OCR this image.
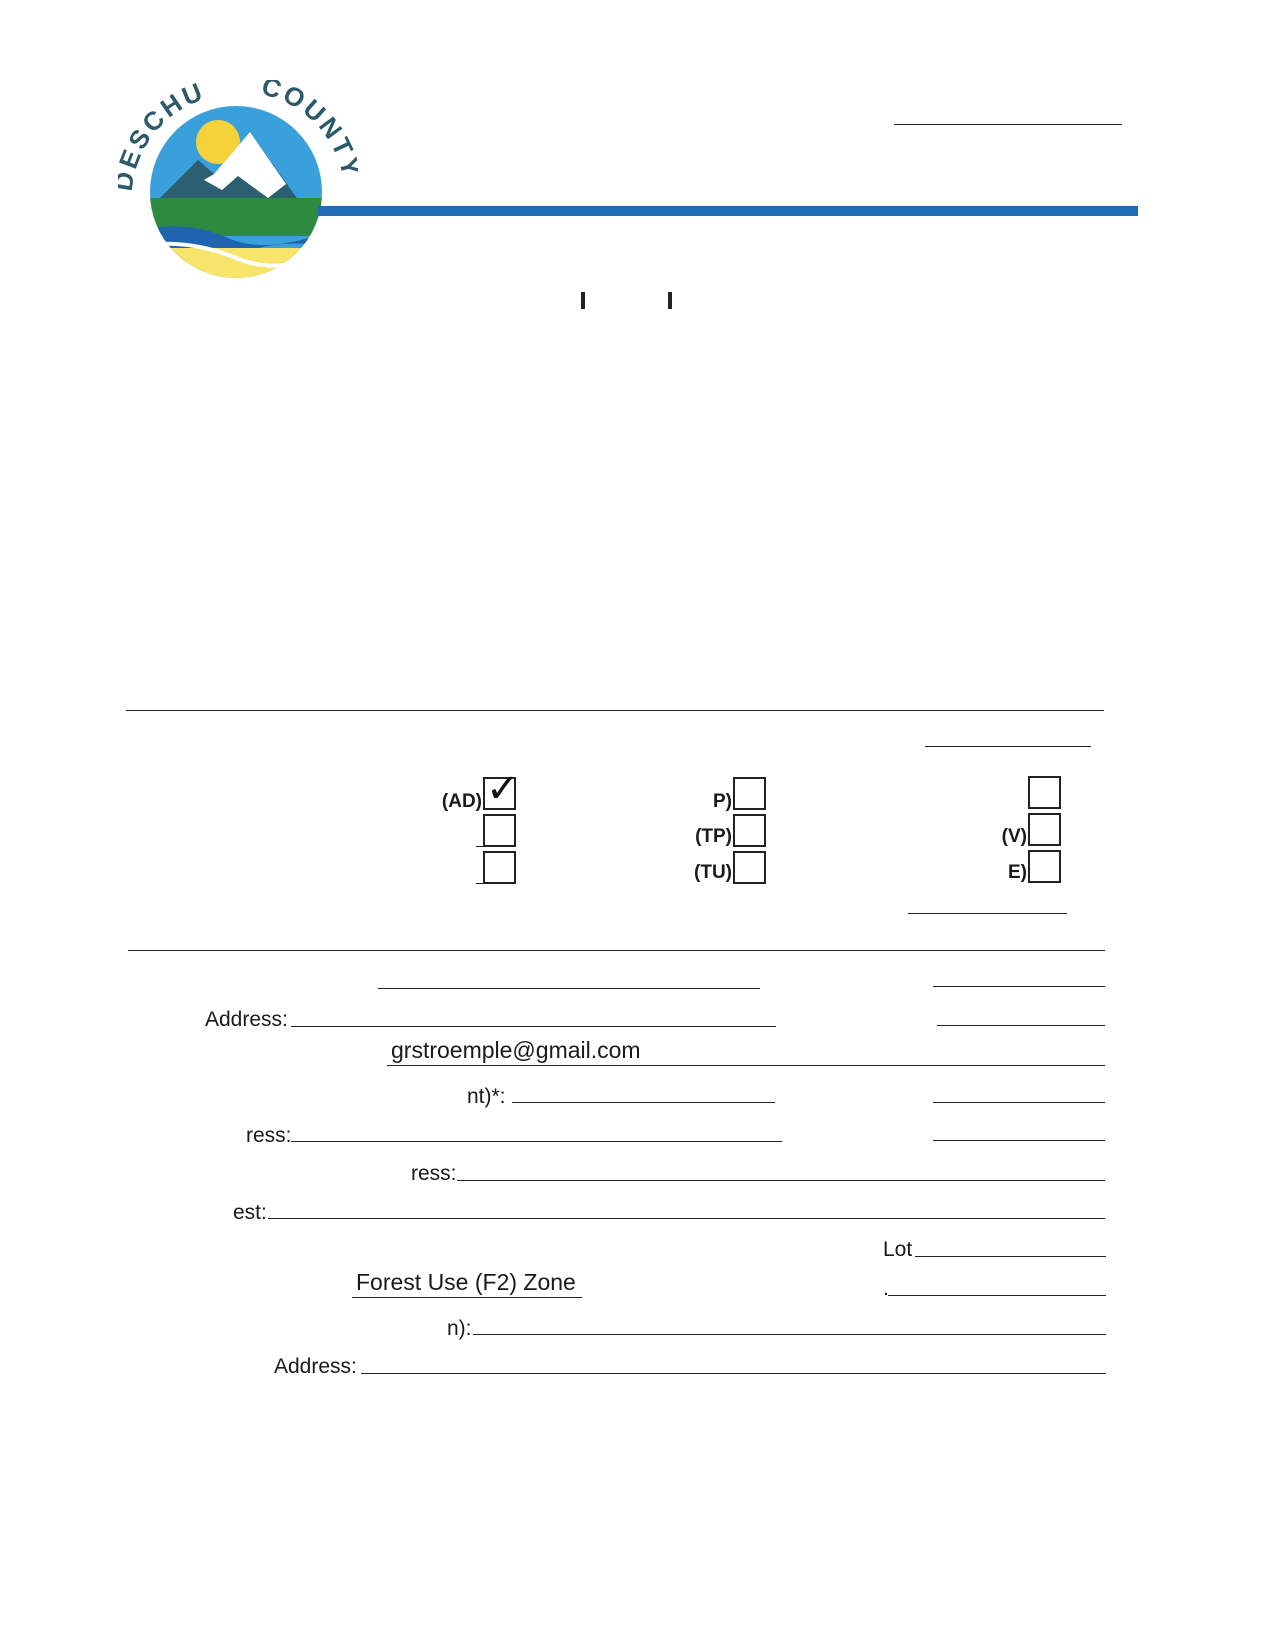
SCHU COUNT
(AD) ✓	P)
(TP)
(TU)
(V)
E)
Address:
grstroemple@gmail.com
nt)*:
ress:
ress:
est:
Lot
Forest Use (F2) Zone	.
n):
Address:
